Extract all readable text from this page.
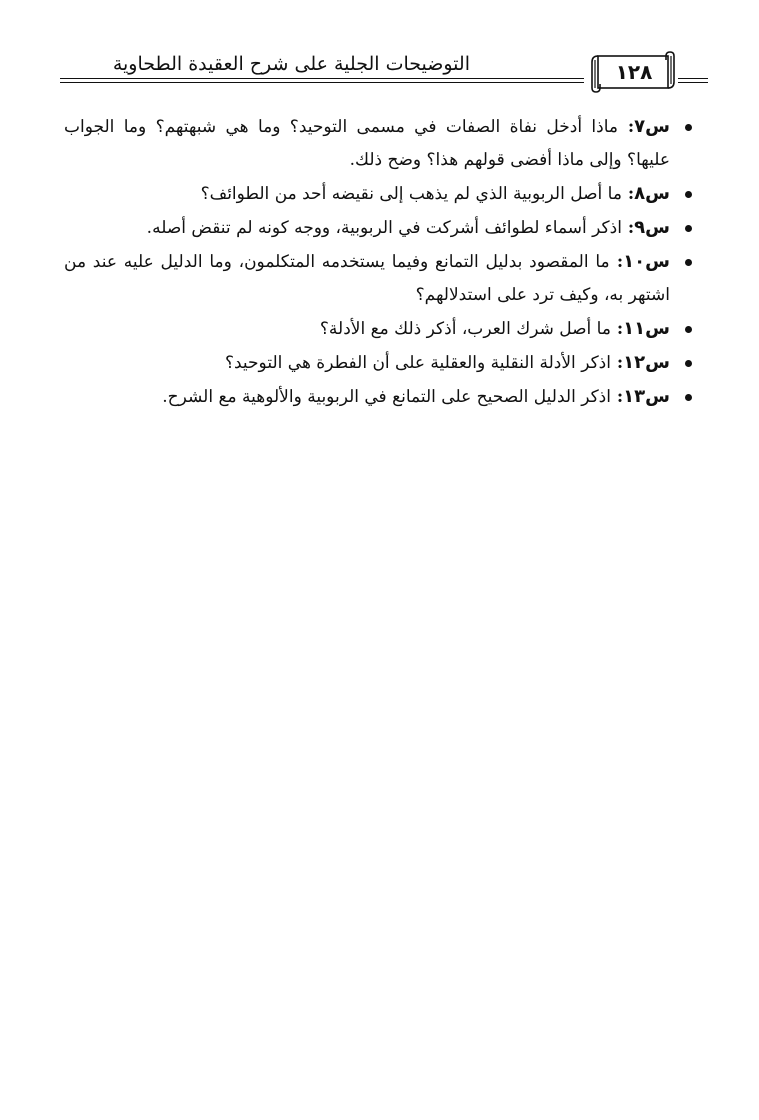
التوضيحات الجلية على شرح العقيدة الطحاوية	١٢٨
س٧: ماذا أدخل نفاة الصفات في مسمى التوحيد؟ وما هي شبهتهم؟ وما الجواب عليها؟ وإلى ماذا أفضى قولهم هذا؟ وضح ذلك.
س٨: ما أصل الربوبية الذي لم يذهب إلى نقيضه أحد من الطوائف؟
س٩: اذكر أسماء لطوائف أشركت في الربوبية، ووجه كونه لم تنقض أصله.
س١٠: ما المقصود بدليل التمانع وفيما يستخدمه المتكلمون، وما الدليل عليه عند من اشتهر به، وكيف ترد على استدلالهم؟
س١١: ما أصل شرك العرب، أذكر ذلك مع الأدلة؟
س١٢: اذكر الأدلة النقلية والعقلية على أن الفطرة هي التوحيد؟
س١٣: اذكر الدليل الصحيح على التمانع في الربوبية والألوهية مع الشرح.
